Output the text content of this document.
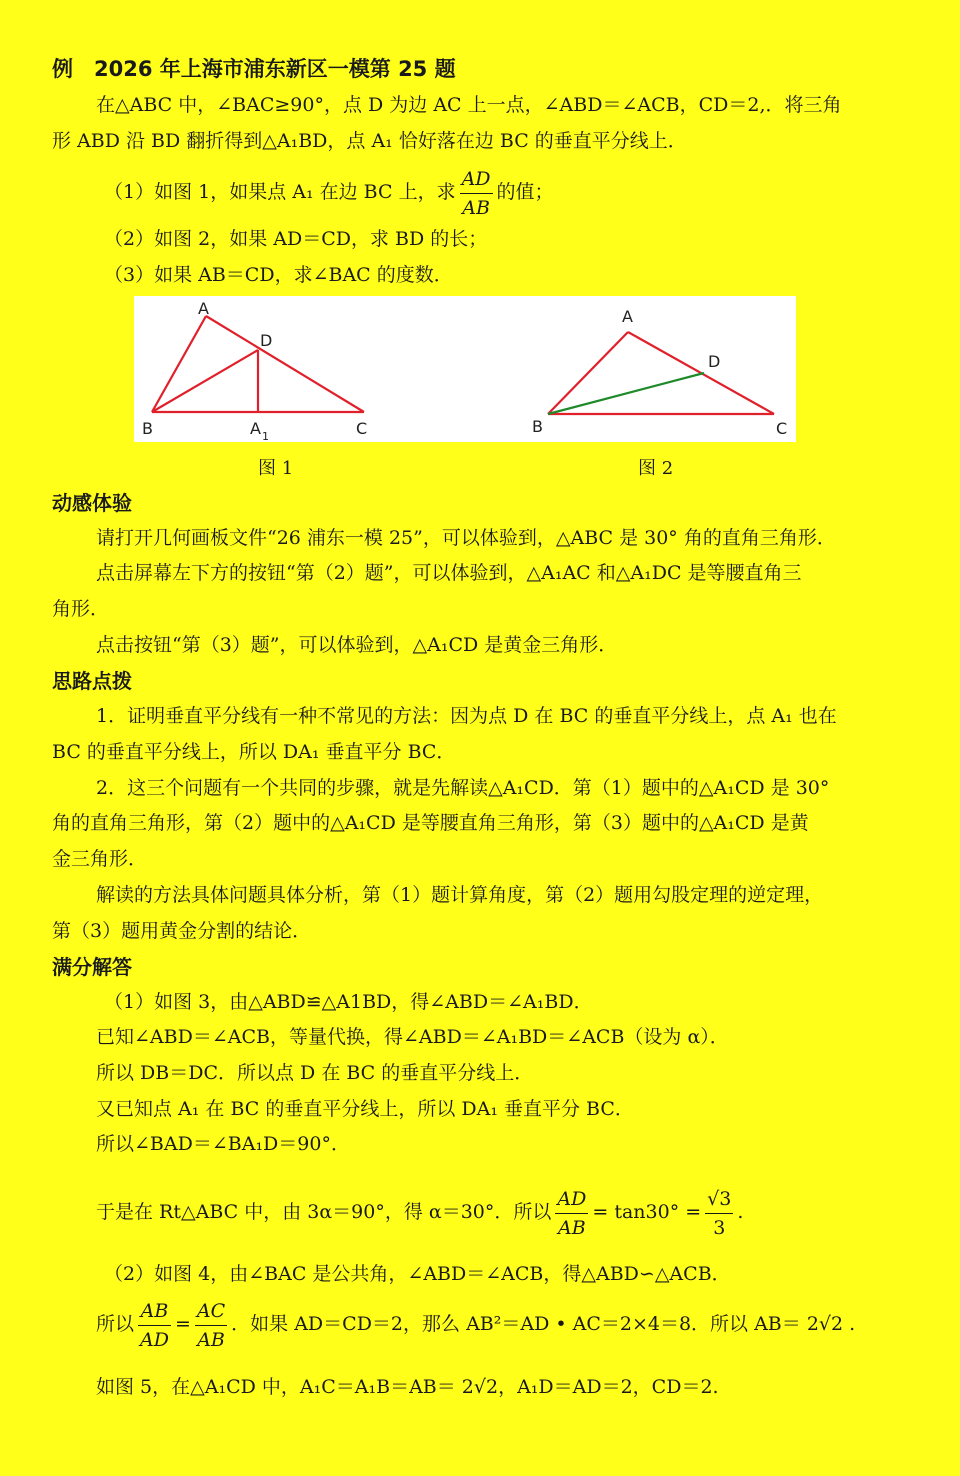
例　2026 年上海市浦东新区一模第 25 题
在△ABC 中，∠BAC≥90°，点 D 为边 AC 上一点，∠ABD＝∠ACB，CD＝2,．将三角
形 ABD 沿 BD 翻折得到△A₁BD，点 A₁ 恰好落在边 BC 的垂直平分线上．
（1）如图 1，如果点 A₁ 在边 BC 上，求 $\frac{AD}{AB}$ 的值；
（2）如图 2，如果 AD＝CD，求 BD 的长；
（3）如果 AB＝CD，求∠BAC 的度数．
A
D
B	A 1	C
A
D
B	C
图 1	图 2
动感体验
请打开几何画板文件“26 浦东一模 25”，可以体验到，△ABC 是 30° 角的直角三角形．
点击屏幕左下方的按钮“第（2）题”，可以体验到，△A₁AC 和△A₁DC 是等腰直角三
角形．
点击按钮“第（3）题”，可以体验到，△A₁CD 是黄金三角形．
思路点拨
1．证明垂直平分线有一种不常见的方法：因为点 D 在 BC 的垂直平分线上，点 A₁ 也在
BC 的垂直平分线上，所以 DA₁ 垂直平分 BC．
2．这三个问题有一个共同的步骤，就是先解读△A₁CD．第（1）题中的△A₁CD 是 30°
角的直角三角形，第（2）题中的△A₁CD 是等腰直角三角形，第（3）题中的△A₁CD 是黄
金三角形．
解读的方法具体问题具体分析，第（1）题计算角度，第（2）题用勾股定理的逆定理，
第（3）题用黄金分割的结论．
满分解答
（1）如图 3，由△ABD≌△A1BD，得∠ABD＝∠A₁BD．
已知∠ABD＝∠ACB，等量代换，得∠ABD＝∠A₁BD＝∠ACB（设为 α）．
所以 DB＝DC．所以点 D 在 BC 的垂直平分线上．
又已知点 A₁ 在 BC 的垂直平分线上，所以 DA₁ 垂直平分 BC．
所以∠BAD＝∠BA₁D＝90°．
于是在 Rt△ABC 中，由 3α＝90°，得 α＝30°．所以 $\frac{AD}{AB} = \tan 30^\circ = \frac{√3}{3}$ .
（2）如图 4，由∠BAC 是公共角，∠ABD＝∠ACB，得△ABD∽△ACB．
所以 $\frac{AB}{AD} = \frac{AC}{AB}$ ．如果 AD＝CD＝2，那么 AB²＝AD • AC＝2×4＝8．所以 AB＝ 2√2 .
如图 5，在△A₁CD 中，A₁C＝A₁B＝AB＝ 2√2，A₁D＝AD＝2，CD＝2.
